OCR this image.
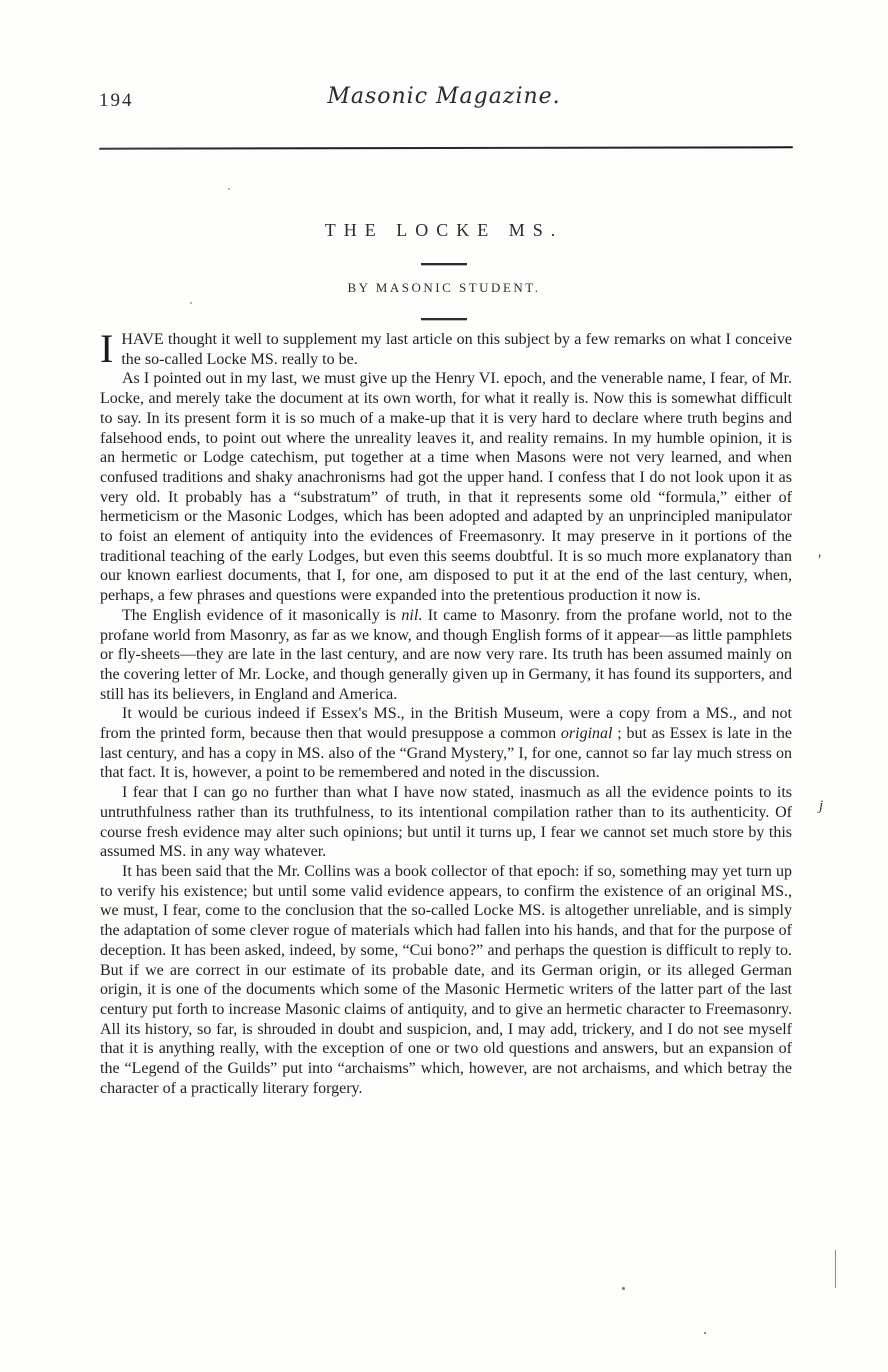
194	Masonic Magazine.
THE LOCKE MS.
BY MASONIC STUDENT.

IHAVE thought it well to supplement my last article on this subject by a few remarks on what I conceive the so-called Locke MS. really to be.

As I pointed out in my last, we must give up the Henry VI. epoch, and the venerable name, I fear, of Mr. Locke, and merely take the document at its own worth, for what it really is. Now this is somewhat difficult to say. In its present form it is so much of a make-up that it is very hard to declare where truth begins and falsehood ends, to point out where the unreality leaves it, and reality remains. In my humble opinion, it is an hermetic or Lodge catechism, put together at a time when Masons were not very learned, and when confused traditions and shaky anachronisms had got the upper hand. I confess that I do not look upon it as very old. It probably has a “substratum” of truth, in that it represents some old “formula,” either of hermeticism or the Masonic Lodges, which has been adopted and adapted by an unprincipled manipulator to foist an element of antiquity into the evidences of Freemasonry. It may preserve in it portions of the traditional teaching of the early Lodges, but even this seems doubtful. It is so much more explanatory than our known earliest documents, that I, for one, am disposed to put it at the end of the last century, when, perhaps, a few phrases and questions were expanded into the pretentious production it now is.

The English evidence of it masonically is nil. It came to Masonry. from the profane world, not to the profane world from Masonry, as far as we know, and though English forms of it appear—as little pamphlets or fly-sheets—they are late in the last century, and are now very rare. Its truth has been assumed mainly on the covering letter of Mr. Locke, and though generally given up in Germany, it has found its supporters, and still has its believers, in England and America.

It would be curious indeed if Essex's MS., in the British Museum, were a copy from a MS., and not from the printed form, because then that would presuppose a common original ; but as Essex is late in the last century, and has a copy in MS. also of the “Grand Mystery,” I, for one, cannot so far lay much stress on that fact. It is, however, a point to be remembered and noted in the discussion.

I fear that I can go no further than what I have now stated, inasmuch as all the evidence points to its untruthfulness rather than its truthfulness, to its intentional compilation rather than to its authenticity. Of course fresh evidence may alter such opinions; but until it turns up, I fear we cannot set much store by this assumed MS. in any way whatever.

It has been said that the Mr. Collins was a book collector of that epoch: if so, something may yet turn up to verify his existence; but until some valid evidence appears, to confirm the existence of an original MS., we must, I fear, come to the conclusion that the so-called Locke MS. is altogether unreliable, and is simply the adaptation of some clever rogue of materials which had fallen into his hands, and that for the purpose of deception. It has been asked, indeed, by some, “Cui bono?” and perhaps the question is difficult to reply to. But if we are correct in our estimate of its probable date, and its German origin, or its alleged German origin, it is one of the documents which some of the Masonic Hermetic writers of the latter part of the last century put forth to increase Masonic claims of antiquity, and to give an hermetic character to Freemasonry. All its history, so far, is shrouded in doubt and suspicion, and, I may add, trickery, and I do not see myself that it is anything really, with the exception of one or two old questions and answers, but an expansion of the “Legend of the Guilds” put into “archaisms” which, however, are not archaisms, and which betray the character of a practically literary forgery.

′
j
